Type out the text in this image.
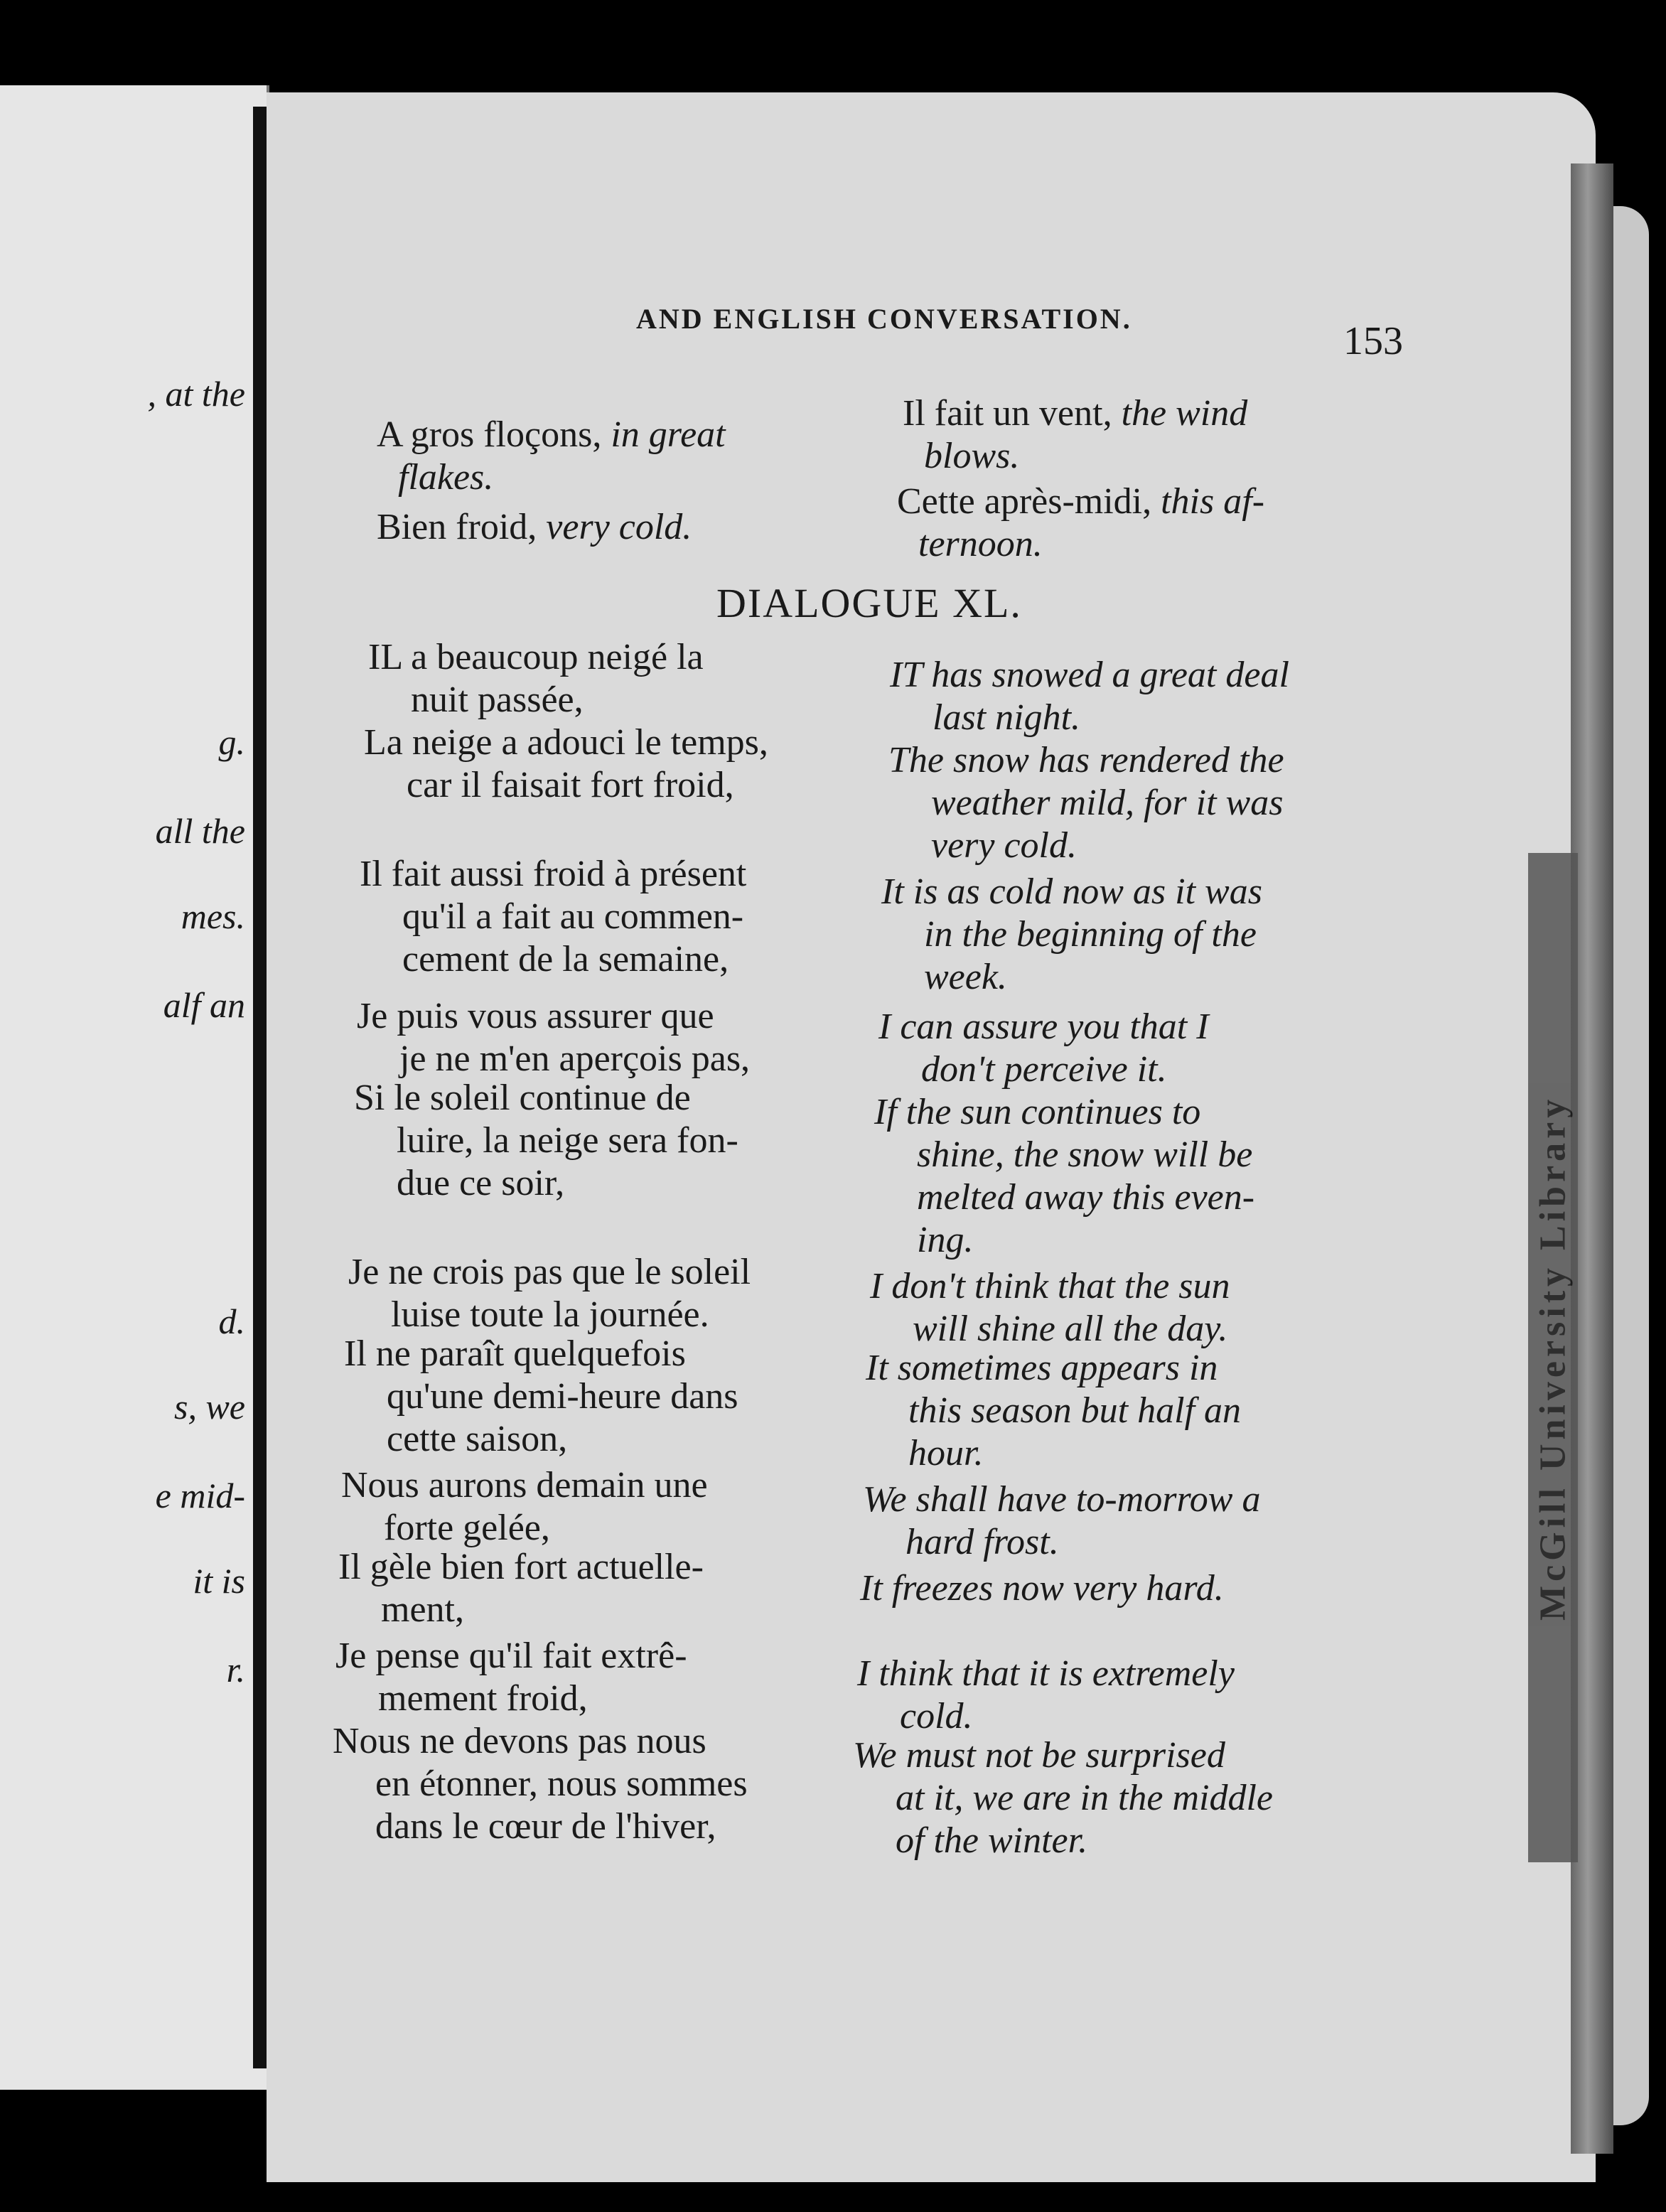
, at the
g.
all the
mes.
alf an
d.
s, we
e mid-
it is
r.
McGill University Library
AND ENGLISH CONVERSATION.
153
A gros floçons, in great
flakes.
Bien froid, very cold.
Il fait un vent, the wind
blows.
Cette après-midi, this af-
ternoon.
DIALOGUE XL.
IL a beaucoup neigé la
nuit passée,
La neige a adouci le temps,
car il faisait fort froid,
Il fait aussi froid à présent
qu'il a fait au commen-
cement de la semaine,
Je puis vous assurer que
je ne m'en aperçois pas,
Si le soleil continue de
luire, la neige sera fon-
due ce soir,
Je ne crois pas que le soleil
luise toute la journée.
Il ne paraît quelquefois
qu'une demi-heure dans
cette saison,
Nous aurons demain une
forte gelée,
Il gèle bien fort actuelle-
ment,
Je pense qu'il fait extrê-
mement froid,
Nous ne devons pas nous
en étonner, nous sommes
dans le cœur de l'hiver,
IT has snowed a great deal
last night.
The snow has rendered the
weather mild, for it was
very cold.
It is as cold now as it was
in the beginning of the
week.
I can assure you that I
don't perceive it.
If the sun continues to
shine, the snow will be
melted away this even-
ing.
I don't think that the sun
will shine all the day.
It sometimes appears in
this season but half an
hour.
We shall have to-morrow a
hard frost.
It freezes now very hard.
I think that it is extremely
cold.
We must not be surprised
at it, we are in the middle
of the winter.
